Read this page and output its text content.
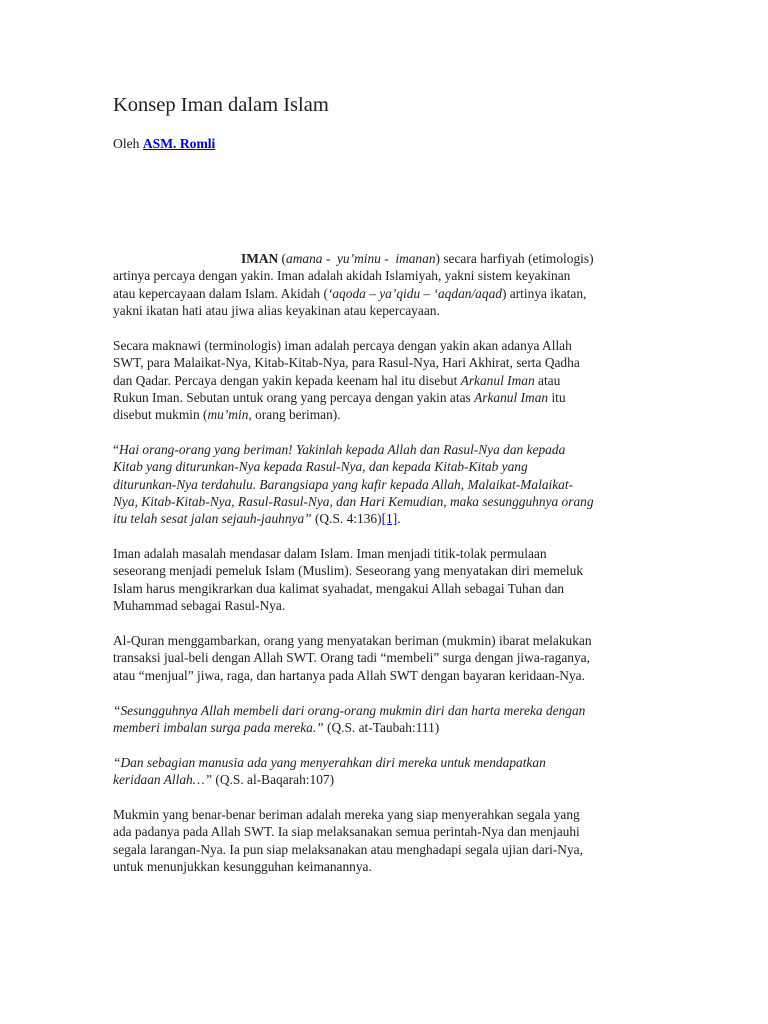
Konsep Iman dalam Islam
Oleh ASM. Romli

IMAN (amana -  yu’minu -  imanan) secara harfiyah (etimologis)

artinya percaya dengan yakin. Iman adalah akidah Islamiyah, yakni sistem keyakinan

atau kepercayaan dalam Islam. Akidah (‘aqoda – ya’qidu – ‘aqdan/aqad) artinya ikatan,

yakni ikatan hati atau jiwa alias keyakinan atau kepercayaan.

Secara maknawi (terminologis) iman adalah percaya dengan yakin akan adanya Allah

SWT, para Malaikat-Nya, Kitab-Kitab-Nya, para Rasul-Nya, Hari Akhirat, serta Qadha

dan Qadar. Percaya dengan yakin kepada keenam hal itu disebut Arkanul Iman atau

Rukun Iman. Sebutan untuk orang yang percaya dengan yakin atas Arkanul Iman itu

disebut mukmin (mu’min, orang beriman).

“Hai orang-orang yang beriman! Yakinlah kepada Allah dan Rasul-Nya dan kepada

Kitab yang diturunkan-Nya kepada Rasul-Nya, dan kepada Kitab-Kitab yang

diturunkan-Nya terdahulu. Barangsiapa yang kafir kepada Allah, Malaikat-Malaikat-

Nya, Kitab-Kitab-Nya, Rasul-Rasul-Nya, dan Hari Kemudian, maka sesungguhnya orang

itu telah sesat jalan sejauh-jauhnya” (Q.S. 4:136)[1].

Iman adalah masalah mendasar dalam Islam. Iman menjadi titik-tolak permulaan

seseorang menjadi pemeluk Islam (Muslim). Seseorang yang menyatakan diri memeluk

Islam harus mengikrarkan dua kalimat syahadat, mengakui Allah sebagai Tuhan dan

Muhammad sebagai Rasul-Nya.

Al-Quran menggambarkan, orang yang menyatakan beriman (mukmin) ibarat melakukan

transaksi jual-beli dengan Allah SWT. Orang tadi “membeli” surga dengan jiwa-raganya,

atau “menjual” jiwa, raga, dan hartanya pada Allah SWT dengan bayaran keridaan-Nya.

“Sesungguhnya Allah membeli dari orang-orang mukmin diri dan harta mereka dengan

memberi imbalan surga pada mereka.” (Q.S. at-Taubah:111)

“Dan sebagian manusia ada yang menyerahkan diri mereka untuk mendapatkan

keridaan Allah…” (Q.S. al-Baqarah:107)

Mukmin yang benar-benar beriman adalah mereka yang siap menyerahkan segala yang

ada padanya pada Allah SWT. Ia siap melaksanakan semua perintah-Nya dan menjauhi

segala larangan-Nya. Ia pun siap melaksanakan atau menghadapi segala ujian dari-Nya,

untuk menunjukkan kesungguhan keimanannya.
